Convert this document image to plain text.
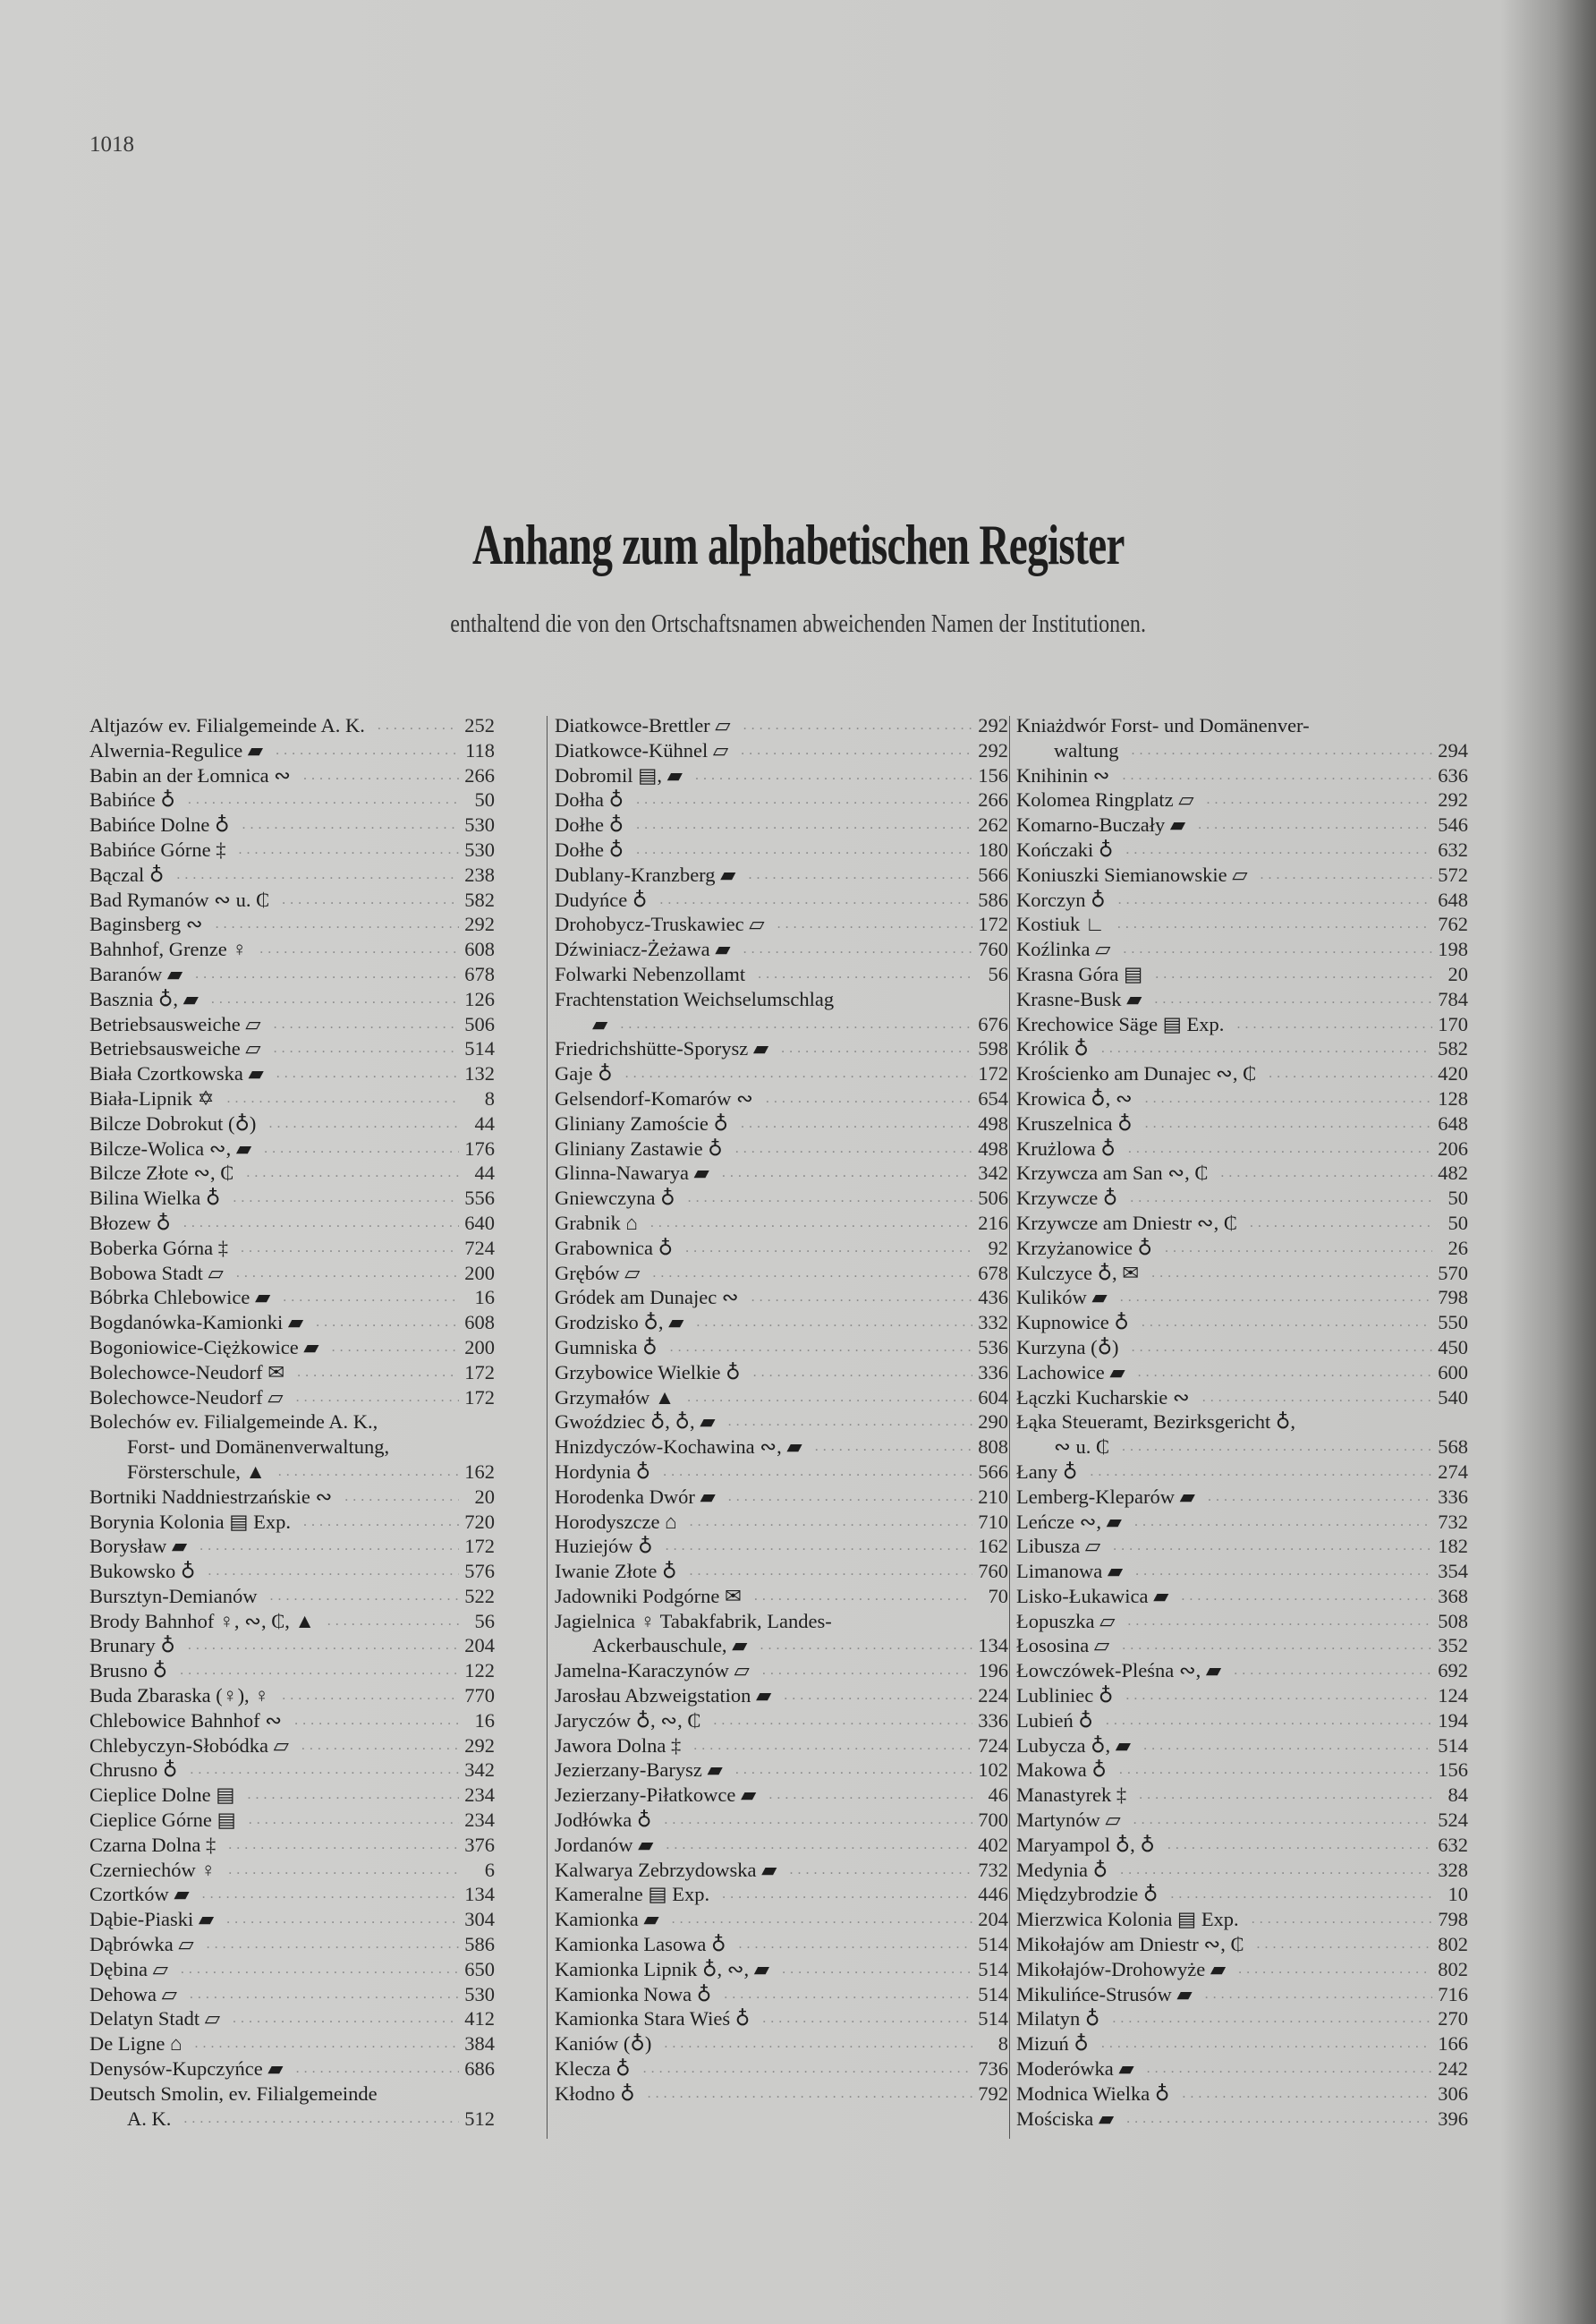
1018
Anhang zum alphabetischen Register
enthaltend die von den Ortschaftsnamen abweichenden Namen der Institutionen.
Altjazów ev. Filialgemeinde A. K. .....	252
Alwernia-Regulice ▰ .....	118
Babin an der Łomnica ∾ .....	266
Babińce ♁ .....	50
Babińce Dolne ♁ .....	530
Babińce Górne ‡ .....	530
Bączal ♁ .....	238
Bad Rymanów ∾ u. ₵ .....	582
Baginsberg ∾ .....	292
Bahnhof, Grenze ♀ .....	608
Baranów ▰ .....	678
Basznia ♁, ▰ .....	126
Betriebsausweiche ▱ .....	506
Betriebsausweiche ▱ .....	514
Biała Czortkowska ▰ .....	132
Biała-Lipnik ✡ .....	8
Bilcze Dobrokut (♁) .....	44
Bilcze-Wolica ∾, ▰ .....	176
Bilcze Złote ∾, ₵ .....	44
Bilina Wielka ♁ .....	556
Błozew ♁ .....	640
Boberka Górna ‡ .....	724
Bobowa Stadt ▱ .....	200
Bóbrka Chlebowice ▰ .....	16
Bogdanówka-Kamionki ▰ .....	608
Bogoniowice-Ciężkowice ▰ .....	200
Bolechowce-Neudorf ✉ .....	172
Bolechowce-Neudorf ▱ .....	172
Bolechów ev. Filialgemeinde A. K.,
Forst- und Domänenverwaltung,
Försterschule, ▲ .....	162
Bortniki Naddniestrzańskie ∾ .....	20
Borynia Kolonia ▤ Exp. .....	720
Borysław ▰ .....	172
Bukowsko ♁ .....	576
Bursztyn-Demianów .....	522
Brody Bahnhof ♀, ∾, ₵, ▲ .....	56
Brunary ♁ .....	204
Brusno ♁ .....	122
Buda Zbaraska (♀), ♀ .....	770
Chlebowice Bahnhof ∾ .....	16
Chlebyczyn-Słobódka ▱ .....	292
Chrusno ♁ .....	342
Cieplice Dolne ▤ .....	234
Cieplice Górne ▤ .....	234
Czarna Dolna ‡ .....	376
Czerniechów ♀ .....	6
Czortków ▰ .....	134
Dąbie-Piaski ▰ .....	304
Dąbrówka ▱ .....	586
Dębina ▱ .....	650
Dehowa ▱ .....	530
Delatyn Stadt ▱ .....	412
De Ligne ⌂ .....	384
Denysów-Kupczyńce ▰ .....	686
Deutsch Smolin, ev. Filialgemeinde
A. K. .....	512
Diatkowce-Brettler ▱ .....	292
Diatkowce-Kühnel ▱ .....	292
Dobromil ▤, ▰ .....	156
Dołha ♁ .....	266
Dołhe ♁ .....	262
Dołhe ♁ .....	180
Dublany-Kranzberg ▰ .....	566
Dudyńce ♁ .....	586
Drohobycz-Truskawiec ▱ .....	172
Dźwiniacz-Żeżawa ▰ .....	760
Folwarki Nebenzollamt .....	56
Frachtenstation Weichselumschlag
▰ .....	676
Friedrichshütte-Sporysz ▰ .....	598
Gaje ♁ .....	172
Gelsendorf-Komarów ∾ .....	654
Gliniany Zamoście ♁ .....	498
Gliniany Zastawie ♁ .....	498
Glinna-Nawarya ▰ .....	342
Gniewczyna ♁ .....	506
Grabnik ⌂ .....	216
Grabownica ♁ .....	92
Grębów ▱ .....	678
Gródek am Dunajec ∾ .....	436
Grodzisko ♁, ▰ .....	332
Gumniska ♁ .....	536
Grzybowice Wielkie ♁ .....	336
Grzymałów ▲ .....	604
Gwoździec ♁, ♁, ▰ .....	290
Hnizdyczów-Kochawina ∾, ▰ .....	808
Hordynia ♁ .....	566
Horodenka Dwór ▰ .....	210
Horodyszcze ⌂ .....	710
Huziejów ♁ .....	162
Iwanie Złote ♁ .....	760
Jadowniki Podgórne ✉ .....	70
Jagielnica ♀ Tabakfabrik, Landes-
Ackerbauschule, ▰ .....	134
Jamelna-Karaczynów ▱ .....	196
Jarosłau Abzweigstation ▰ .....	224
Jaryczów ♁, ∾, ₵ .....	336
Jawora Dolna ‡ .....	724
Jezierzany-Barysz ▰ .....	102
Jezierzany-Piłatkowce ▰ .....	46
Jodłówka ♁ .....	700
Jordanów ▰ .....	402
Kalwarya Zebrzydowska ▰ .....	732
Kameralne ▤ Exp. .....	446
Kamionka ▰ .....	204
Kamionka Lasowa ♁ .....	514
Kamionka Lipnik ♁, ∾, ▰ .....	514
Kamionka Nowa ♁ .....	514
Kamionka Stara Wieś ♁ .....	514
Kaniów (♁) .....	8
Klecza ♁ .....	736
Kłodno ♁ .....	792
Kniażdwór Forst- und Domänenver-
waltung .....	294
Knihinin ∾ .....	636
Kolomea Ringplatz ▱ .....	292
Komarno-Buczały ▰ .....	546
Kończaki ♁ .....	632
Koniuszki Siemianowskie ▱ .....	572
Korczyn ♁ .....	648
Kostiuk ∟ .....	762
Koźlinka ▱ .....	198
Krasna Góra ▤ .....	20
Krasne-Busk ▰ .....	784
Krechowice Säge ▤ Exp. .....	170
Królik ♁ .....	582
Krościenko am Dunajec ∾, ₵ .....	420
Krowica ♁, ∾ .....	128
Kruszelnica ♁ .....	648
Krużlowa ♁ .....	206
Krzywcza am San ∾, ₵ .....	482
Krzywcze ♁ .....	50
Krzywcze am Dniestr ∾, ₵ .....	50
Krzyżanowice ♁ .....	26
Kulczyce ♁, ✉ .....	570
Kulików ▰ .....	798
Kupnowice ♁ .....	550
Kurzyna (♁) .....	450
Lachowice ▰ .....	600
Łączki Kucharskie ∾ .....	540
Łąka Steueramt, Bezirksgericht ♁,
∾ u. ₵ .....	568
Łany ♁ .....	274
Lemberg-Kleparów ▰ .....	336
Leńcze ∾, ▰ .....	732
Libusza ▱ .....	182
Limanowa ▰ .....	354
Lisko-Łukawica ▰ .....	368
Łopuszka ▱ .....	508
Łososina ▱ .....	352
Łowczówek-Pleśna ∾, ▰ .....	692
Lubliniec ♁ .....	124
Lubień ♁ .....	194
Lubycza ♁, ▰ .....	514
Makowa ♁ .....	156
Manastyrek ‡ .....	84
Martynów ▱ .....	524
Maryampol ♁, ♁ .....	632
Medynia ♁ .....	328
Międzybrodzie ♁ .....	10
Mierzwica Kolonia ▤ Exp. .....	798
Mikołajów am Dniestr ∾, ₵ .....	802
Mikołajów-Drohowyże ▰ .....	802
Mikulińce-Strusów ▰ .....	716
Milatyn ♁ .....	270
Mizuń ♁ .....	166
Moderówka ▰ .....	242
Modnica Wielka ♁ .....	306
Mościska ▰ .....	396
